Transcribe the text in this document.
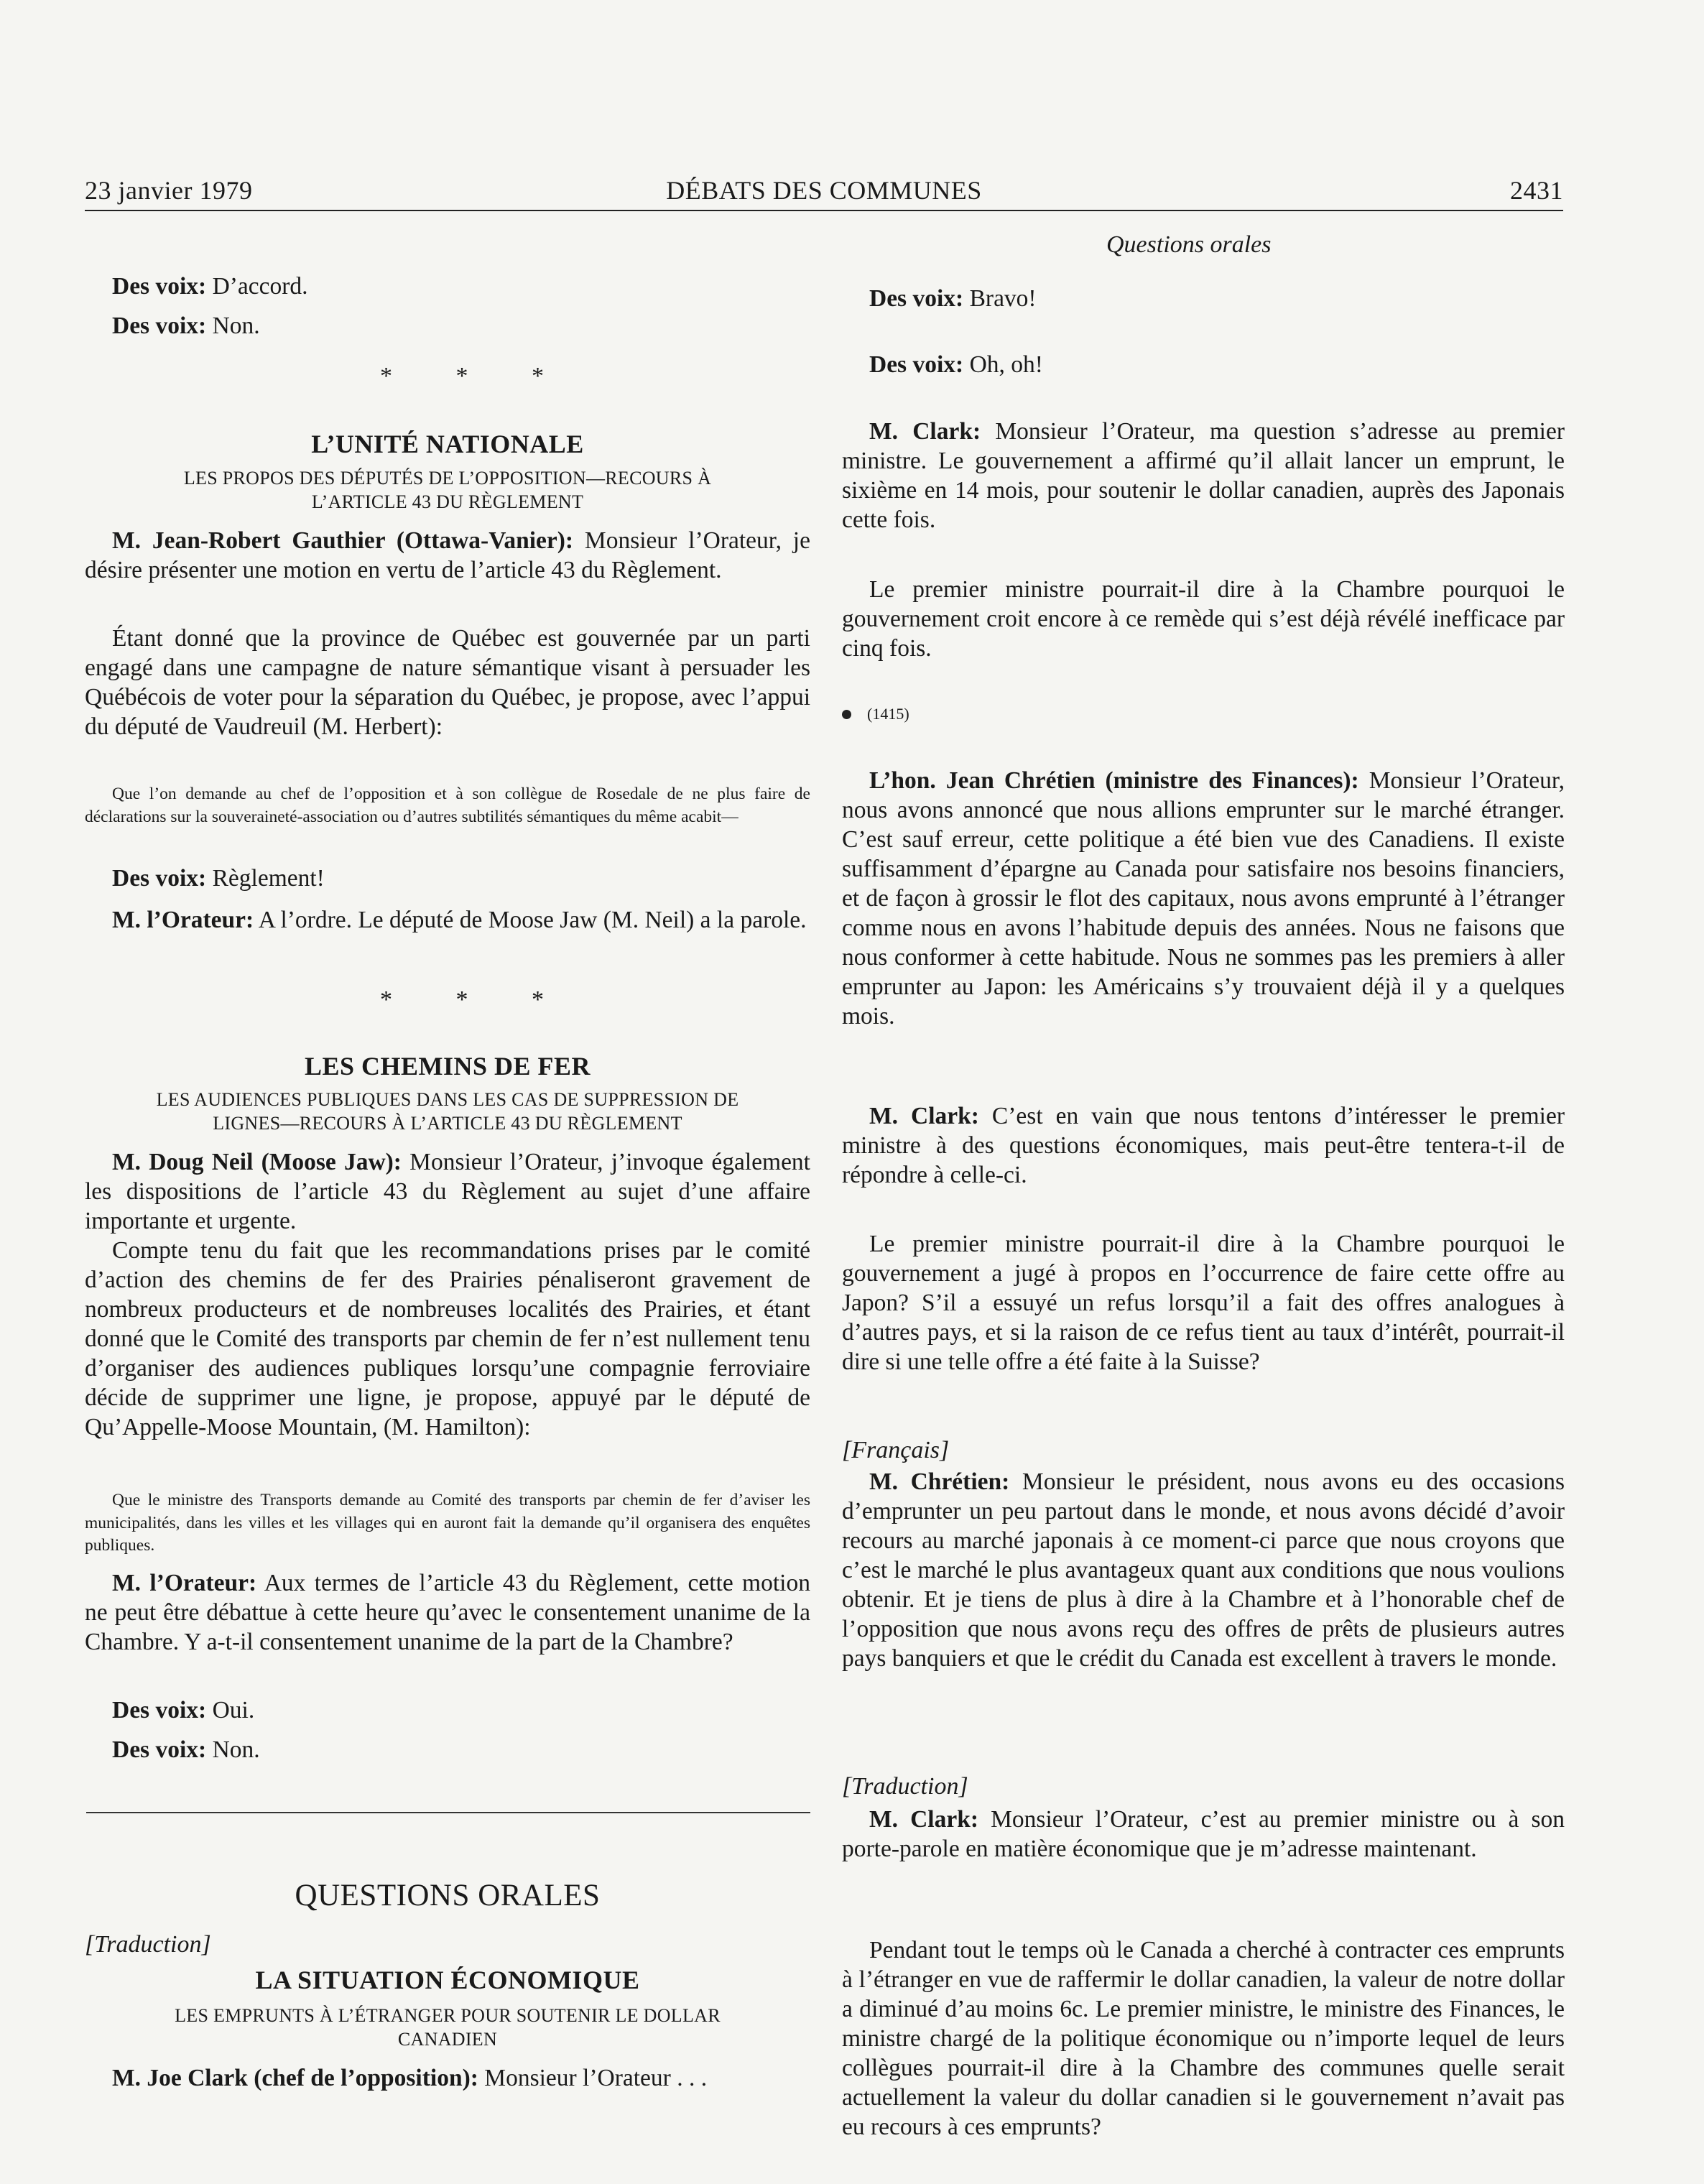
23 janvier 1979	DÉBATS DES COMMUNES	2431

Des voix: D’accord.

Des voix: Non.

* * *
L’UNITÉ NATIONALE
LES PROPOS DES DÉPUTÉS DE L’OPPOSITION—RECOURS À
L’ARTICLE 43 DU RÈGLEMENT

M. Jean-Robert Gauthier (Ottawa-Vanier): Monsieur l’Orateur, je désire présenter une motion en vertu de l’article 43 du Règlement.

Étant donné que la province de Québec est gouvernée par un parti engagé dans une campagne de nature sémantique visant à persuader les Québécois de voter pour la séparation du Québec, je propose, avec l’appui du député de Vaudreuil (M. Herbert):

Que l’on demande au chef de l’opposition et à son collègue de Rosedale de ne plus faire de déclarations sur la souveraineté-association ou d’autres subtilités sémantiques du même acabit—

Des voix: Règlement!

M. l’Orateur: A l’ordre. Le député de Moose Jaw (M. Neil) a la parole.

* * *
LES CHEMINS DE FER
LES AUDIENCES PUBLIQUES DANS LES CAS DE SUPPRESSION DE
LIGNES—RECOURS À L’ARTICLE 43 DU RÈGLEMENT

M. Doug Neil (Moose Jaw): Monsieur l’Orateur, j’invoque également les dispositions de l’article 43 du Règlement au sujet d’une affaire importante et urgente.

Compte tenu du fait que les recommandations prises par le comité d’action des chemins de fer des Prairies pénaliseront gravement de nombreux producteurs et de nombreuses localités des Prairies, et étant donné que le Comité des transports par chemin de fer n’est nullement tenu d’organiser des audiences publiques lorsqu’une compagnie ferroviaire décide de supprimer une ligne, je propose, appuyé par le député de Qu’Appelle-Moose Mountain, (M. Hamilton):

Que le ministre des Transports demande au Comité des transports par chemin de fer d’aviser les municipalités, dans les villes et les villages qui en auront fait la demande qu’il organisera des enquêtes publiques.

M. l’Orateur: Aux termes de l’article 43 du Règlement, cette motion ne peut être débattue à cette heure qu’avec le consentement unanime de la Chambre. Y a-t-il consentement unanime de la part de la Chambre?

Des voix: Oui.

Des voix: Non.

QUESTIONS ORALES
[Traduction]
LA SITUATION ÉCONOMIQUE
LES EMPRUNTS À L’ÉTRANGER POUR SOUTENIR LE DOLLAR
CANADIEN

M. Joe Clark (chef de l’opposition): Monsieur l’Orateur . . .

Questions orales

Des voix: Bravo!

Des voix: Oh, oh!

M. Clark: Monsieur l’Orateur, ma question s’adresse au premier ministre. Le gouvernement a affirmé qu’il allait lancer un emprunt, le sixième en 14 mois, pour soutenir le dollar canadien, auprès des Japonais cette fois.

Le premier ministre pourrait-il dire à la Chambre pourquoi le gouvernement croit encore à ce remède qui s’est déjà révélé inefficace par cinq fois.

(1415)

L’hon. Jean Chrétien (ministre des Finances): Monsieur l’Orateur, nous avons annoncé que nous allions emprunter sur le marché étranger. C’est sauf erreur, cette politique a été bien vue des Canadiens. Il existe suffisamment d’épargne au Canada pour satisfaire nos besoins financiers, et de façon à grossir le flot des capitaux, nous avons emprunté à l’étranger comme nous en avons l’habitude depuis des années. Nous ne faisons que nous conformer à cette habitude. Nous ne sommes pas les premiers à aller emprunter au Japon: les Américains s’y trouvaient déjà il y a quelques mois.

M. Clark: C’est en vain que nous tentons d’intéresser le premier ministre à des questions économiques, mais peut-être tentera-t-il de répondre à celle-ci.

Le premier ministre pourrait-il dire à la Chambre pourquoi le gouvernement a jugé à propos en l’occurrence de faire cette offre au Japon? S’il a essuyé un refus lorsqu’il a fait des offres analogues à d’autres pays, et si la raison de ce refus tient au taux d’intérêt, pourrait-il dire si une telle offre a été faite à la Suisse?

[Français]

M. Chrétien: Monsieur le président, nous avons eu des occasions d’emprunter un peu partout dans le monde, et nous avons décidé d’avoir recours au marché japonais à ce moment-ci parce que nous croyons que c’est le marché le plus avantageux quant aux conditions que nous voulions obtenir. Et je tiens de plus à dire à la Chambre et à l’honorable chef de l’opposition que nous avons reçu des offres de prêts de plusieurs autres pays banquiers et que le crédit du Canada est excellent à travers le monde.

[Traduction]

M. Clark: Monsieur l’Orateur, c’est au premier ministre ou à son porte-parole en matière économique que je m’adresse maintenant.

Pendant tout le temps où le Canada a cherché à contracter ces emprunts à l’étranger en vue de raffermir le dollar canadien, la valeur de notre dollar a diminué d’au moins 6c. Le premier ministre, le ministre des Finances, le ministre chargé de la politique économique ou n’importe lequel de leurs collègues pourrait-il dire à la Chambre des communes quelle serait actuellement la valeur du dollar canadien si le gouvernement n’avait pas eu recours à ces emprunts?
